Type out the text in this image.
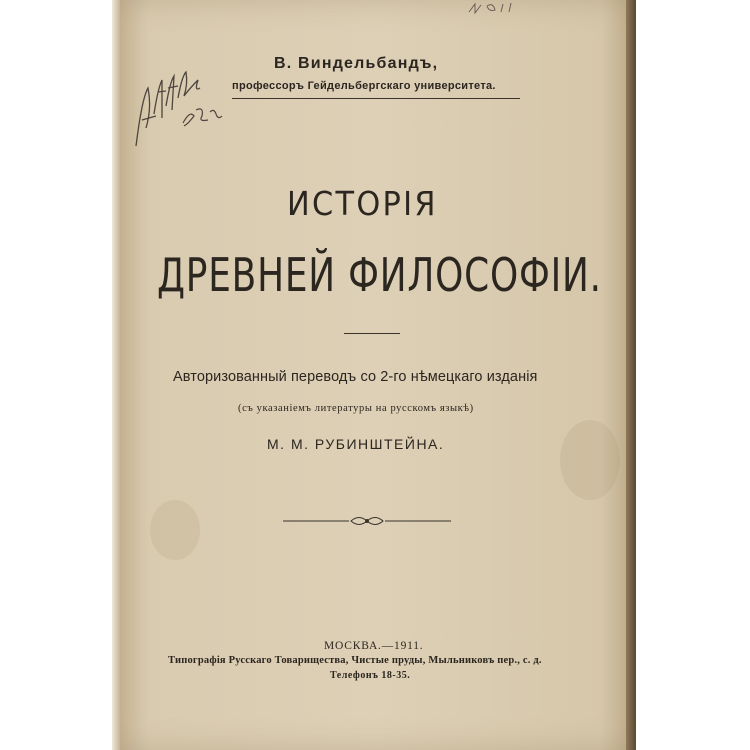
В. Виндельбандъ,
профессоръ Гейдельбергскаго университета.
ИСТОРІЯ
ДРЕВНЕЙ ФИЛОСОФІИ.
Авторизованный переводъ со 2-го нѣмецкаго изданія
(съ указаніемъ литературы на русскомъ языкѣ)
М. М. РУБИНШТЕЙНА.
МОСКВА.—1911.
Типографія Русскаго Товарищества, Чистые пруды, Мыльниковъ пер., с. д.
Телефонъ 18-35.
